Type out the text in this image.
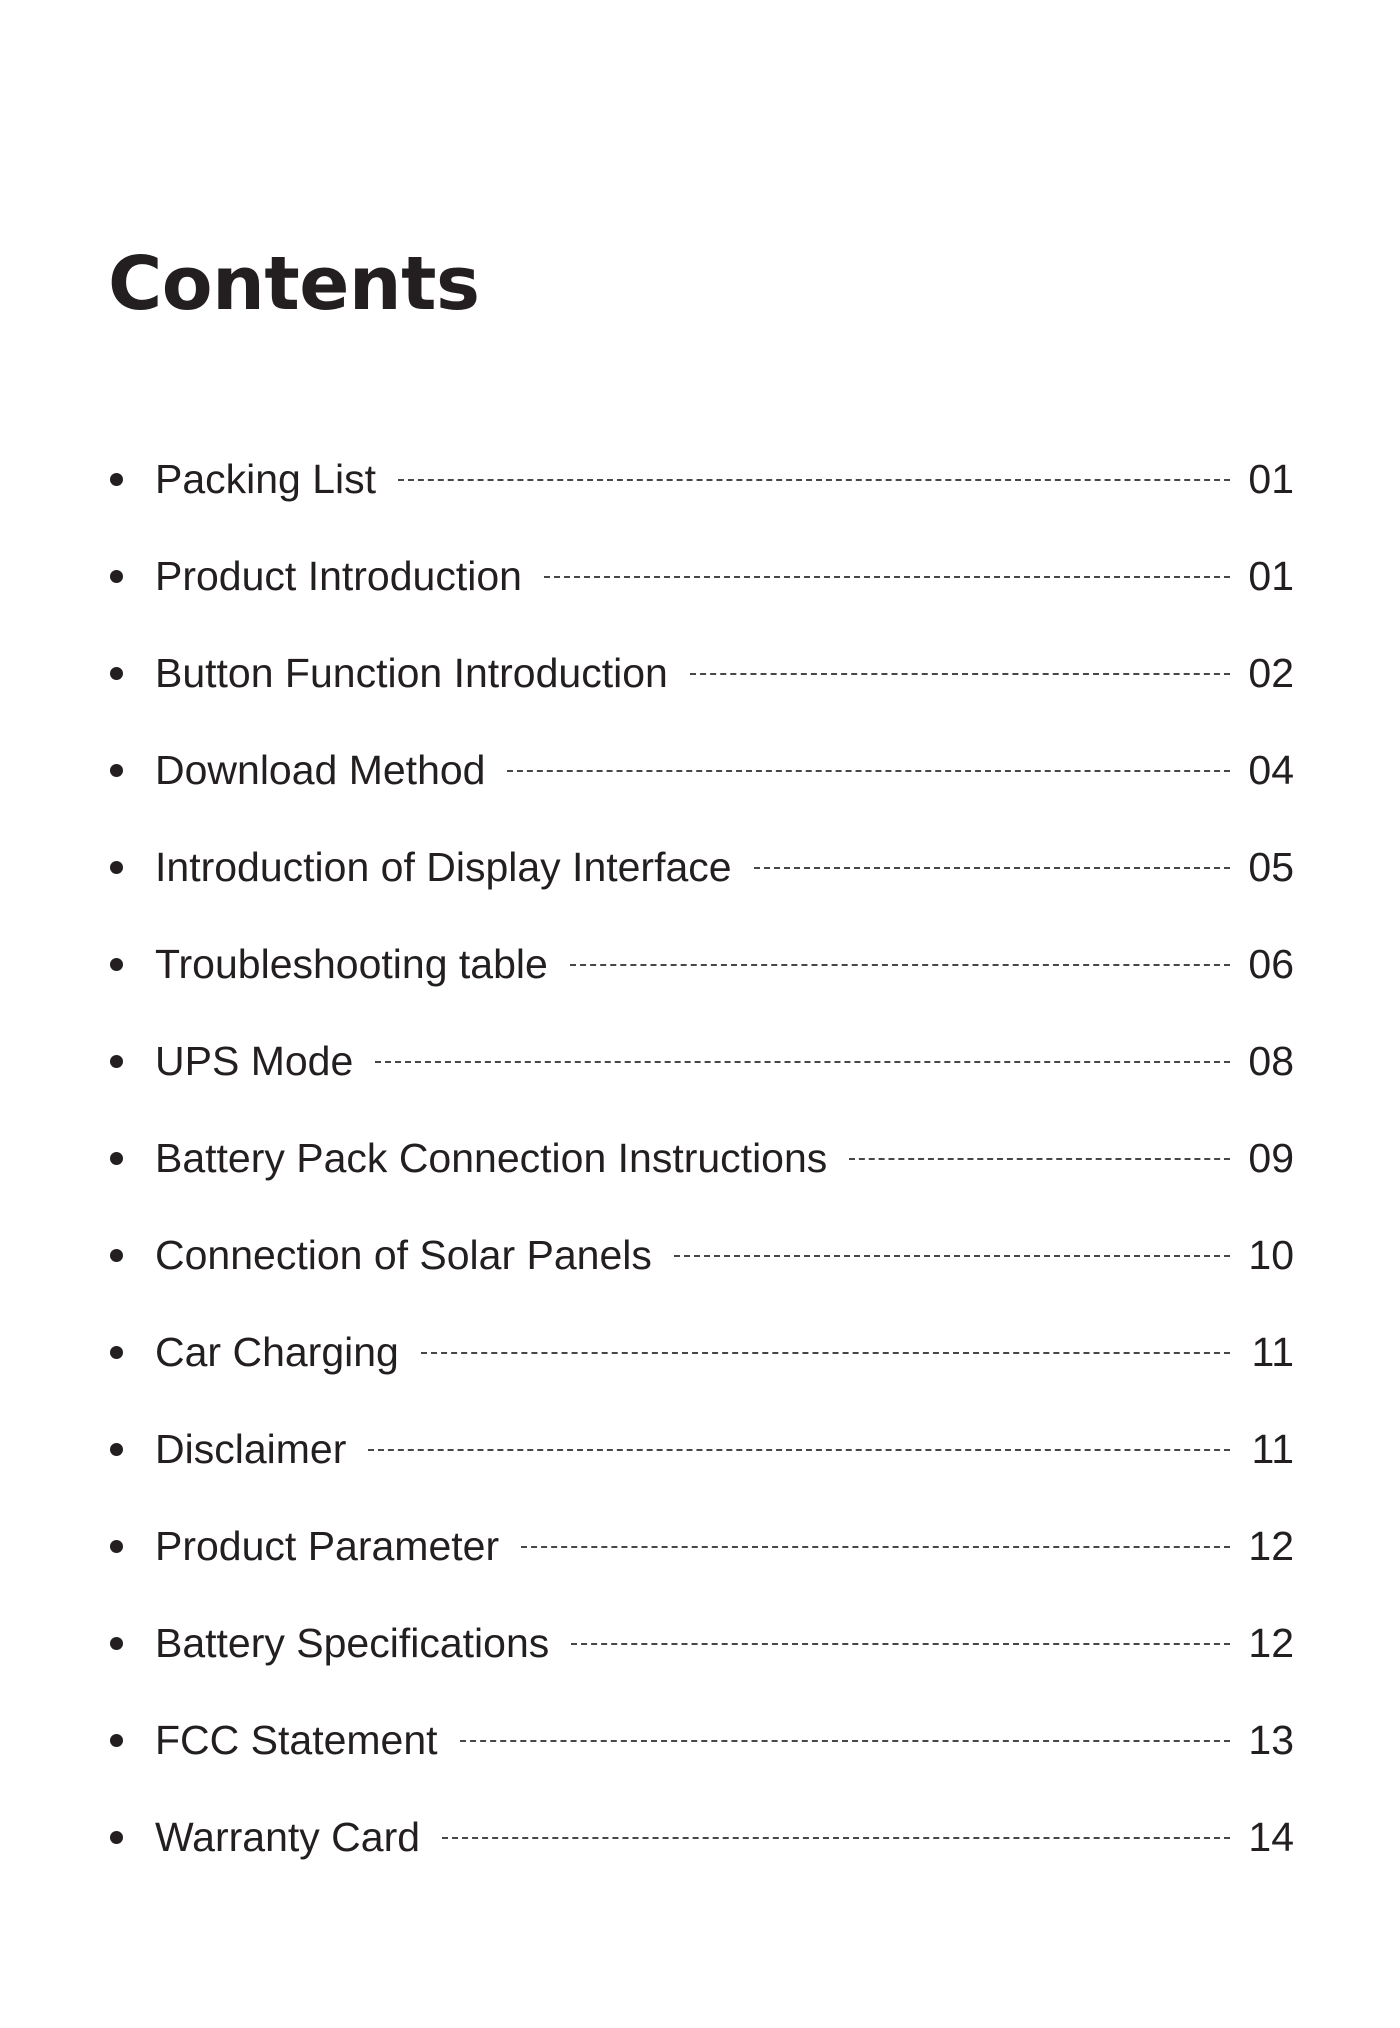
Contents
Packing List	01
Product Introduction	01
Button Function Introduction	02
Download Method	04
Introduction of Display Interface	05
Troubleshooting table	06
UPS Mode	08
Battery Pack Connection Instructions	09
Connection of Solar Panels	10
Car Charging	11
Disclaimer	11
Product Parameter	12
Battery Specifications	12
FCC Statement	13
Warranty Card	14
